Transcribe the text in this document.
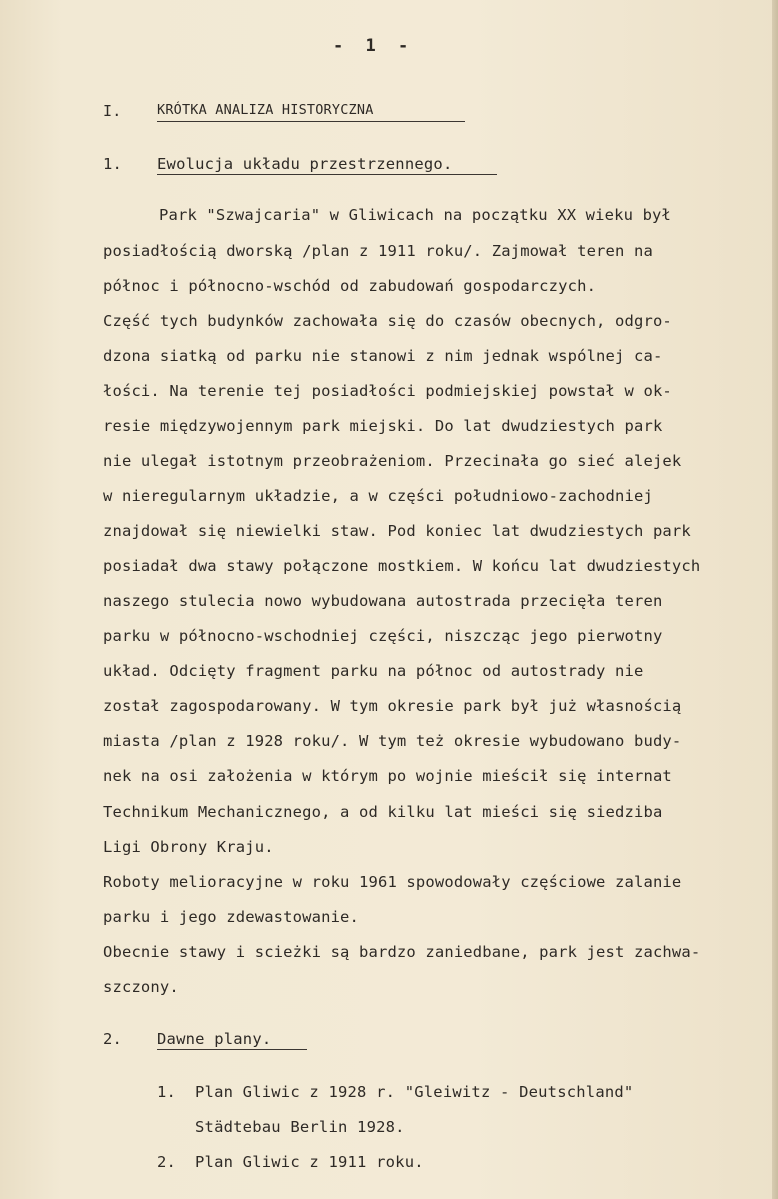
- 1 -
I.	KRÓTKA ANALIZA HISTORYCZNA
1. Ewolucja układu przestrzennego.
Park "Szwajcaria" w Gliwicach na początku XX wieku był
posiadłością dworską /plan z 1911 roku/. Zajmował teren na
północ i północno-wschód od zabudowań gospodarczych.
Część tych budynków zachowała się do czasów obecnych, odgro-
dzona siatką od parku nie stanowi z nim jednak wspólnej ca-
łości. Na terenie tej posiadłości podmiejskiej powstał w ok-
resie międzywojennym park miejski. Do lat dwudziestych park
nie ulegał istotnym przeobrażeniom. Przecinała go sieć alejek
w nieregularnym układzie, a w części południowo-zachodniej
znajdował się niewielki staw. Pod koniec lat dwudziestych park
posiadał dwa stawy połączone mostkiem. W końcu lat dwudziestych
naszego stulecia nowo wybudowana autostrada przecięła teren
parku w północno-wschodniej części, niszcząc jego pierwotny
układ. Odcięty fragment parku na północ od autostrady nie
został zagospodarowany. W tym okresie park był już własnością
miasta /plan z 1928 roku/. W tym też okresie wybudowano budy-
nek na osi założenia w którym po wojnie mieścił się internat
Technikum Mechanicznego, a od kilku lat mieści się siedziba
Ligi Obrony Kraju.
Roboty melioracyjne w roku 1961 spowodowały częściowe zalanie
parku i jego zdewastowanie.
Obecnie stawy i scieżki są bardzo zaniedbane, park jest zachwa-
szczony.
2. Dawne plany.
1. Plan Gliwic z 1928 r. "Gleiwitz - Deutschland"
Städtebau Berlin 1928.
2. Plan Gliwic z 1911 roku.
